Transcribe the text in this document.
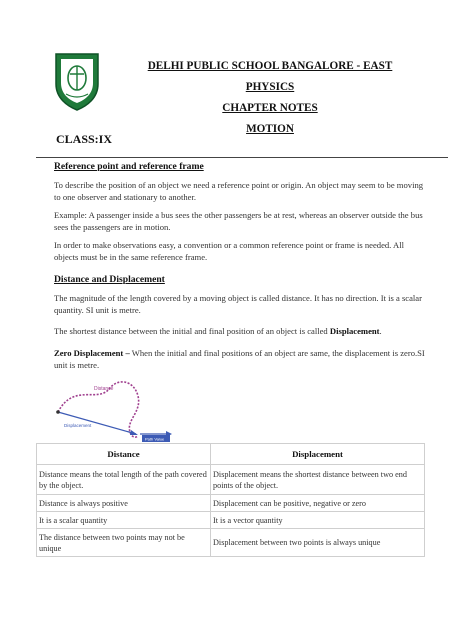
DELHI PUBLIC SCHOOL BANGALORE - EAST
PHYSICS
CHAPTER NOTES
MOTION
CLASS:IX
Reference point and reference frame
To describe the position of an object we need a reference point or origin. An object may seem to be moving to one observer and stationary to another.
Example: A passenger inside a bus sees the other passengers be at rest, whereas an observer outside the bus sees the passengers are in motion.
In order to make observations easy, a convention or a common reference point or frame is needed. All objects must be in the same reference frame.
Distance and Displacement
The magnitude of the length covered by a moving object is called distance. It has no direction. It is a scalar quantity. SI unit is metre.
The shortest distance between the initial and final position of an object is called Displacement.
Zero Displacement – When the initial and final positions of an object are same, the displacement is zero.SI unit is metre.
Distance
Displacement
Path Value
Distance	Displacement
Distance means the total length of the path covered by the object.	Displacement means the shortest distance between two end points of the object.
Distance is always positive	Displacement can be positive, negative or zero
It is a scalar quantity	It is a vector quantity
The distance between two points may not be unique	Displacement between two points is always unique
